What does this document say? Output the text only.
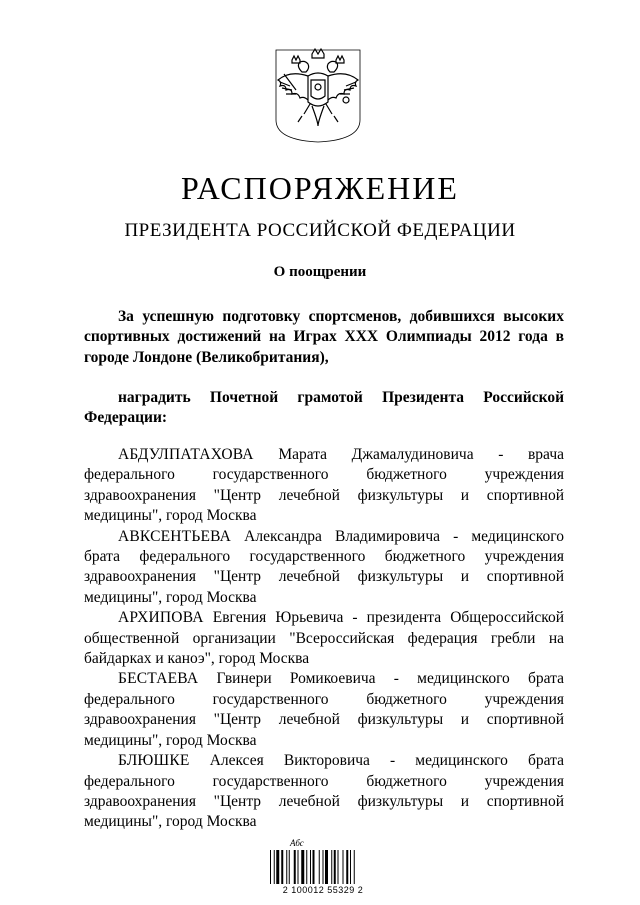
РАСПОРЯЖЕНИЕ
ПРЕЗИДЕНТА РОССИЙСКОЙ ФЕДЕРАЦИИ
О поощрении
За успешную подготовку спортсменов, добившихся высоких спортивных достижений на Играх XXX Олимпиады 2012 года в городе Лондоне (Великобритания),
наградить Почетной грамотой Президента Российской Федерации:

АБДУЛПАТАХОВА Марата Джамалудиновича - врача федерального государственного бюджетного учреждения здравоохранения "Центр лечебной физкультуры и спортивной медицины", город Москва

АВКСЕНТЬЕВА Александра Владимировича - медицинского брата федерального государственного бюджетного учреждения здравоохранения "Центр лечебной физкультуры и спортивной медицины", город Москва

АРХИПОВА Евгения Юрьевича - президента Общероссийской общественной организации "Всероссийская федерация гребли на байдарках и каноэ", город Москва

БЕСТАЕВА Гвинери Ромикоевича - медицинского брата федерального государственного бюджетного учреждения здравоохранения "Центр лечебной физкультуры и спортивной медицины", город Москва

БЛЮШКЕ Алексея Викторовича - медицинского брата федерального государственного бюджетного учреждения здравоохранения "Центр лечебной физкультуры и спортивной медицины", город Москва

Абс
2 100012 55329 2
